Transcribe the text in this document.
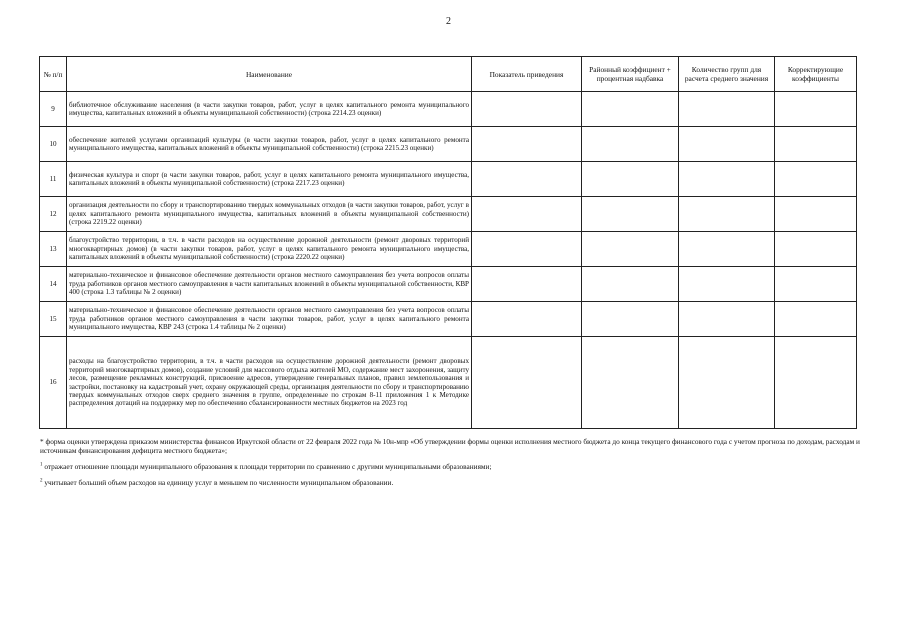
2
№ п/п	Наименование	Показатель приведения	Районный коэффициент + процентная надбавка	Количество групп для расчета среднего значения	Корректирующие коэффициенты
9	библиотечное обслуживание населения (в части закупки товаров, работ, услуг в целях капитального ремонта муниципального имущества, капитальных вложений в объекты муниципальной собственности) (строка 2214.23 оценки)				
10	обеспечение жителей услугами организаций культуры (в части закупки товаров, работ, услуг в целях капитального ремонта муниципального имущества, капитальных вложений в объекты муниципальной собственности) (строка 2215.23 оценки)				
11	физическая культура и спорт (в части закупки товаров, работ, услуг в целях капитального ремонта муниципального имущества, капитальных вложений в объекты муниципальной собственности) (строка 2217.23 оценки)				
12	организация деятельности по сбору и транспортированию твердых коммунальных отходов (в части закупки товаров, работ, услуг в целях капитального ремонта муниципального имущества, капитальных вложений в объекты муниципальной собственности) (строка 2219.22 оценки)				
13	благоустройство территории, в т.ч. в части расходов на осуществление дорожной деятельности (ремонт дворовых территорий многоквартирных домов) (в части закупки товаров, работ, услуг в целях капитального ремонта муниципального имущества, капитальных вложений в объекты муниципальной собственности) (строка 2220.22 оценки)				
14	материально-техническое и финансовое обеспечение деятельности органов местного самоуправления без учета вопросов оплаты труда работников органов местного самоуправления в части капитальных вложений в объекты муниципальной собственности, КВР 400 (строка 1.3 таблицы № 2 оценки)				
15	материально-техническое и финансовое обеспечение деятельности органов местного самоуправления без учета вопросов оплаты труда работников органов местного самоуправления в части закупки товаров, работ, услуг в целях капитального ремонта муниципального имущества, КВР 243 (строка 1.4 таблицы № 2 оценки)				
16	расходы на благоустройство территории, в т.ч. в части расходов на осуществление дорожной деятельности (ремонт дворовых территорий многоквартирных домов), создание условий для массового отдыха жителей МО, содержание мест захоронения, защиту лесов, размещение рекламных конструкций, присвоение адресов, утверждение генеральных планов, правил землепользования и застройки, постановку на кадастровый учет, охрану окружающей среды, организация деятельности по сбору и транспортированию твердых коммунальных отходов сверх среднего значения в группе, определенные по строкам 8-11 приложения 1 к Методике распределения дотаций на поддержку мер по обеспечению сбалансированности местных бюджетов на 2023 год				

* форма оценки утверждена приказом министерства финансов Иркутской области от 22 февраля 2022 года № 10н-мпр «Об утверждении формы оценки исполнения местного бюджета до конца текущего финансового года с учетом прогноза по доходам, расходам и источникам финансирования дефицита местного бюджета»;

$^1$ отражает отношение площади муниципального образования к площади территории по сравнению с другими муниципальными образованиями;

$^2$ учитывает больший объем расходов на единицу услуг в меньшем по численности муниципальном образовании.
